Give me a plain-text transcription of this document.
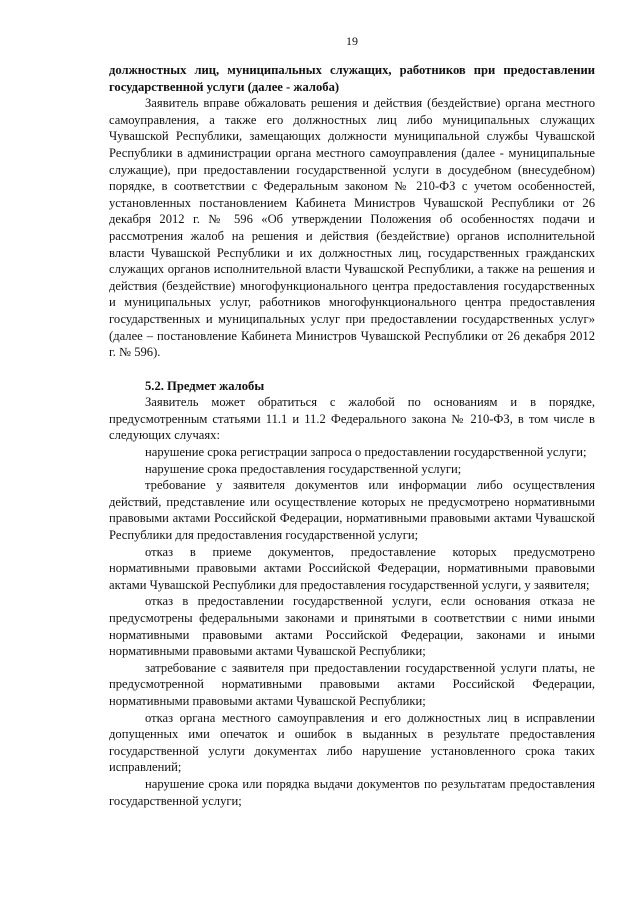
19

должностных лиц, муниципальных служащих, работников при предоставлении государственной услуги (далее - жалоба)

Заявитель вправе обжаловать решения и действия (бездействие) органа местного самоуправления, а также его должностных лиц либо муниципальных служащих Чувашской Республики, замещающих должности муниципальной службы Чувашской Республики в администрации органа местного самоуправления (далее - муниципальные служащие), при предоставлении государственной услуги в досудебном (внесудебном) порядке, в соответствии с Федеральным законом № 210-ФЗ с учетом особенностей, установленных постановлением Кабинета Министров Чувашской Республики от 26 декабря 2012 г. № 596 «Об утверждении Положения об особенностях подачи и рассмотрения жалоб на решения и действия (бездействие) органов исполнительной власти Чувашской Республики и их должностных лиц, государственных гражданских служащих органов исполнительной власти Чувашской Республики, а также на решения и действия (бездействие) многофункционального центра предоставления государственных и муниципальных услуг, работников многофункционального центра предоставления государственных и муниципальных услуг при предоставлении государственных услуг» (далее – постановление Кабинета Министров Чувашской Республики от 26 декабря 2012 г. № 596).

5.2. Предмет жалобы

Заявитель может обратиться с жалобой по основаниям и в порядке, предусмотренным статьями 11.1 и 11.2 Федерального закона № 210-ФЗ, в том числе в следующих случаях:

нарушение срока регистрации запроса о предоставлении государственной услуги;

нарушение срока предоставления государственной услуги;

требование у заявителя документов или информации либо осуществления действий, представление или осуществление которых не предусмотрено нормативными правовыми актами Российской Федерации, нормативными правовыми актами Чувашской Республики для предоставления государственной услуги;

отказ в приеме документов, предоставление которых предусмотрено нормативными правовыми актами Российской Федерации, нормативными правовыми актами Чувашской Республики для предоставления государственной услуги, у заявителя;

отказ в предоставлении государственной услуги, если основания отказа не предусмотрены федеральными законами и принятыми в соответствии с ними иными нормативными правовыми актами Российской Федерации, законами и иными нормативными правовыми актами Чувашской Республики;

затребование с заявителя при предоставлении государственной услуги платы, не предусмотренной нормативными правовыми актами Российской Федерации, нормативными правовыми актами Чувашской Республики;

отказ органа местного самоуправления и его должностных лиц в исправлении допущенных ими опечаток и ошибок в выданных в результате предоставления государственной услуги документах либо нарушение установленного срока таких исправлений;

нарушение срока или порядка выдачи документов по результатам предоставления государственной услуги;
